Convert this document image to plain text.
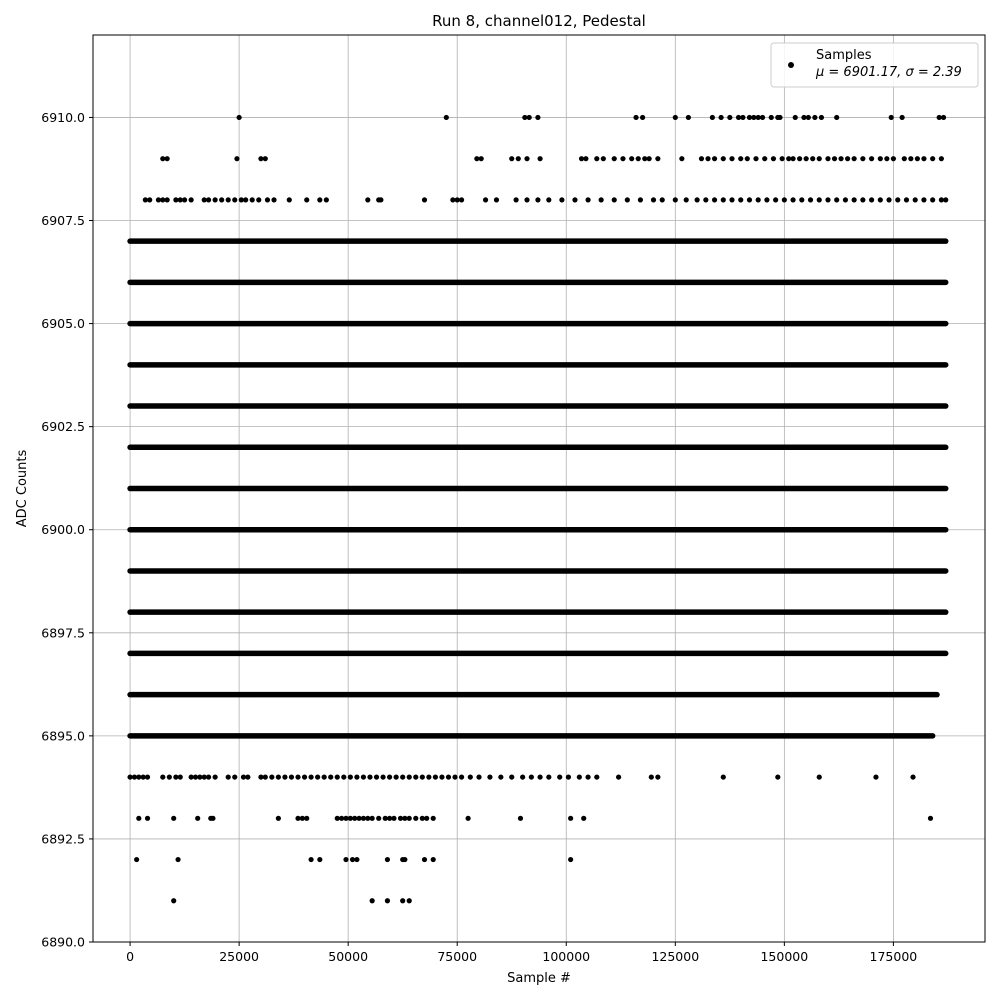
0	25000	50000	75000	100000	125000	150000	175000
6890.0
6892.5
6895.0
6897.5
6900.0
6902.5
6905.0
6907.5
6910.0
Run 8, channel012, Pedestal
Sample #
ADC Counts
Samples
μ = 6901.17, σ = 2.39
